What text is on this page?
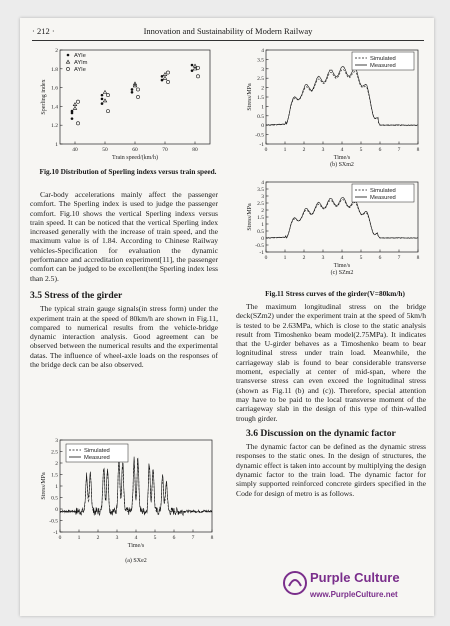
· 212 ·	Innovation and Sustainability of Modern Railway
40	50	60	70	80
1
1.2
1.4
1.6
1.8
2
Train speed/(km/h)
Sperling index
AYle
AYlm
AYle

Fig.10 Distribution of Sperling indexs versus train speed.

Car-body accelerations mainly affect the passenger comfort. The Sperling index is used to judge the passenger comfort. Fig.10 shows the vertical Sperling indexs versus train speed. It can be noticed that the vertical Sperling index increased generally with the increase of train speed, and the maximum value is of 1.84. According to Chinese Railway vehicles-Specification for evaluation the dynamic performance and accreditation experiment[11], the passenger comfort can be judged to be excellent(the Sperling index less than 2.5).

3.5 Stress of the girder

The typical strain gauge signals(in stress form) under the experiment train at the speed of 80km/h are shown in Fig.11, compared to numerical results from the vehicle-bridge dynamic interaction analysis. Good agreement can be observed between the numerical results and the experimental datas. The influence of wheel-axle loads on the responses of the bridge deck can be also observed.

0	1	2	3	4	5	6	7	8
-1
-0.5
0
0.5
1
1.5
2
2.5
3
Time/s
Stress/MPa
Simulated
Measured
(a) SXe2
0	1	2	3	4	5	6	7	8
-1
-0.5
0
0.5
1
1.5
2
2.5
3
3.5
4
Time/s
Stress/MPa
Simulated
Measured
(b) SXm2
0	1	2	3	4	5	6	7	8
-1
-0.5
0
0.5
1
1.5
2
2.5
3
3.5
4
Time/s
Stress/MPa
Simulated
Measured
(c) SZm2

Fig.11 Stress curves of the girder(V=80km/h)

The maximum longitudinal stress on the bridge deck(SZm2) under the experiment train at the speed of 5km/h is tested to be 2.63MPa, which is close to the static analysis result from Timoshenko beam model(2.75MPa). It indicates that the U-girder behaves as a Timoshenko beam to bear lognitudinal stress under train load. Meanwhile, the carriageway slab is found to bear considerable transverse moment, especially at center of mid-span, where the transverse stress can even exceed the lognitudinal stress (shown as Fig.11 (b) and (c)). Therefore, special attention may have to be paid to the local transverse moment of the carriageway slab in the design of this type of thin-walled trough girder.

3.6 Discussion on the dynamic factor

The dynamic factor can be defined as the dynamic stress responses to the static ones. In the design of structures, the dynamic effect is taken into account by multiplying the design dynamic factor to the train load. The dynamic factor for simply supported reinforced concrete girders specified in the Code for design of metro is as follows.

Purple Culture
www.PurpleCulture.net
